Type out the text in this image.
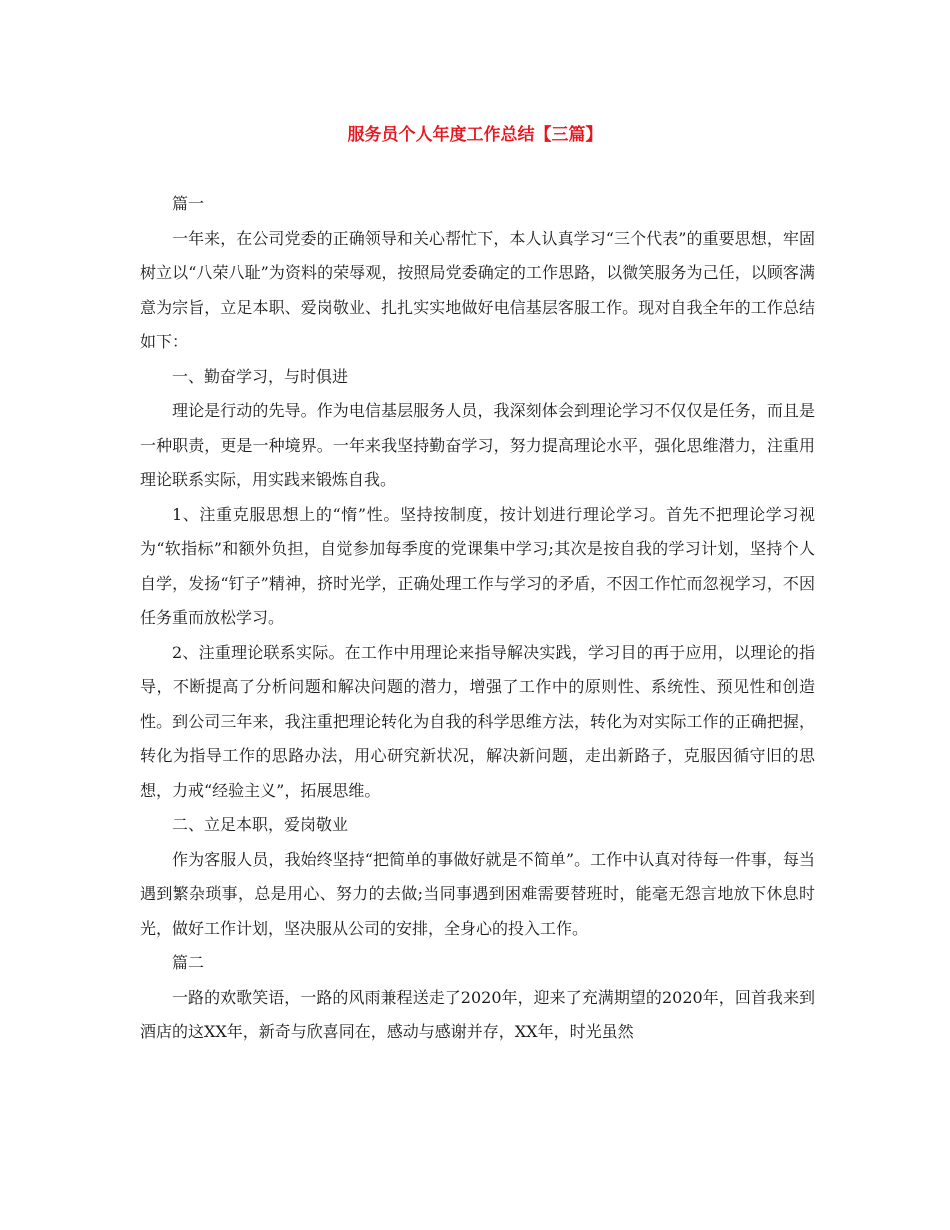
服务员个人年度工作总结【三篇】

篇一

一年来，在公司党委的正确领导和关心帮忙下，本人认真学习“三个代表”的重要思想，牢固树立以“八荣八耻”为资料的荣辱观，按照局党委确定的工作思路，以微笑服务为己任，以顾客满意为宗旨，立足本职、爱岗敬业、扎扎实实地做好电信基层客服工作。现对自我全年的工作总结如下：

一、勤奋学习，与时俱进

理论是行动的先导。作为电信基层服务人员，我深刻体会到理论学习不仅仅是任务，而且是一种职责，更是一种境界。一年来我坚持勤奋学习，努力提高理论水平，强化思维潜力，注重用理论联系实际，用实践来锻炼自我。

1、注重克服思想上的“惰”性。坚持按制度，按计划进行理论学习。首先不把理论学习视为“软指标”和额外负担，自觉参加每季度的党课集中学习;其次是按自我的学习计划，坚持个人自学，发扬“钉子”精神，挤时光学，正确处理工作与学习的矛盾，不因工作忙而忽视学习，不因任务重而放松学习。

2、注重理论联系实际。在工作中用理论来指导解决实践，学习目的再于应用，以理论的指导，不断提高了分析问题和解决问题的潜力，增强了工作中的原则性、系统性、预见性和创造性。到公司三年来，我注重把理论转化为自我的科学思维方法，转化为对实际工作的正确把握，转化为指导工作的思路办法，用心研究新状况，解决新问题，走出新路子，克服因循守旧的思想，力戒“经验主义”，拓展思维。

二、立足本职，爱岗敬业

作为客服人员，我始终坚持“把简单的事做好就是不简单”。工作中认真对待每一件事，每当遇到繁杂琐事，总是用心、努力的去做;当同事遇到困难需要替班时，能毫无怨言地放下休息时光，做好工作计划，坚决服从公司的安排，全身心的投入工作。

篇二

一路的欢歌笑语，一路的风雨兼程送走了2020年，迎来了充满期望的2020年，回首我来到酒店的这XX年，新奇与欣喜同在，感动与感谢并存，XX年，时光虽然
